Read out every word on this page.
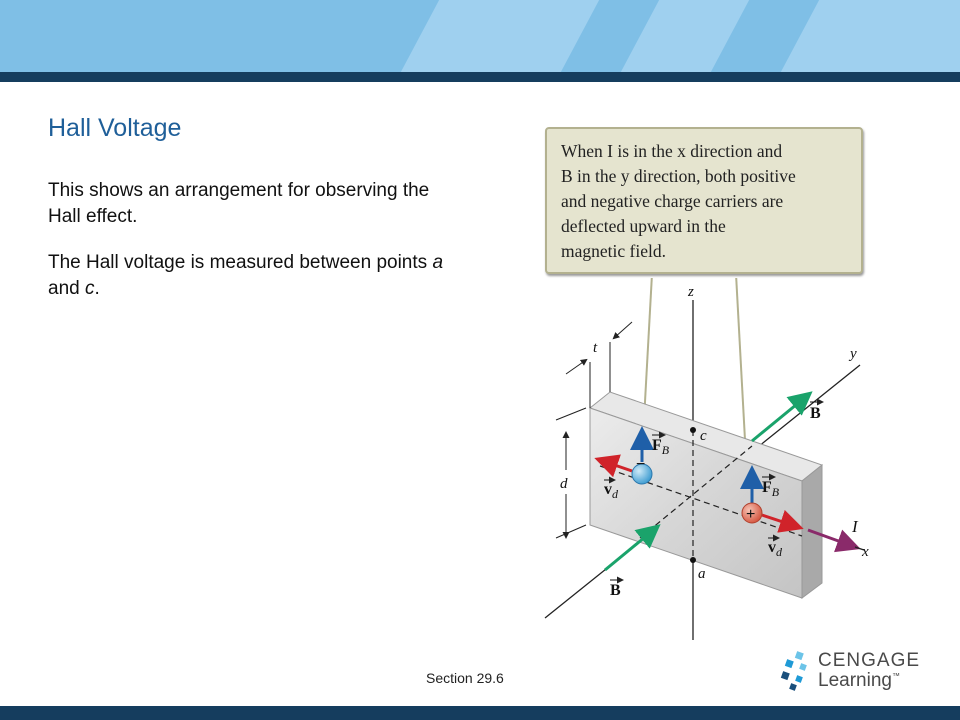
Hall Voltage

This shows an arrangement for observing the Hall effect.

The Hall voltage is measured between points a and c.

When I is in the x direction and
B in the y direction, both positive
and negative charge carriers are
deflected upward in the
magnetic field.
c
a
B
B
I
z
y
x
t
d
−
$F_B$
$v_d$
+
$F_B$
$v_d$
Section 29.6
CENGAGE
Learning™
